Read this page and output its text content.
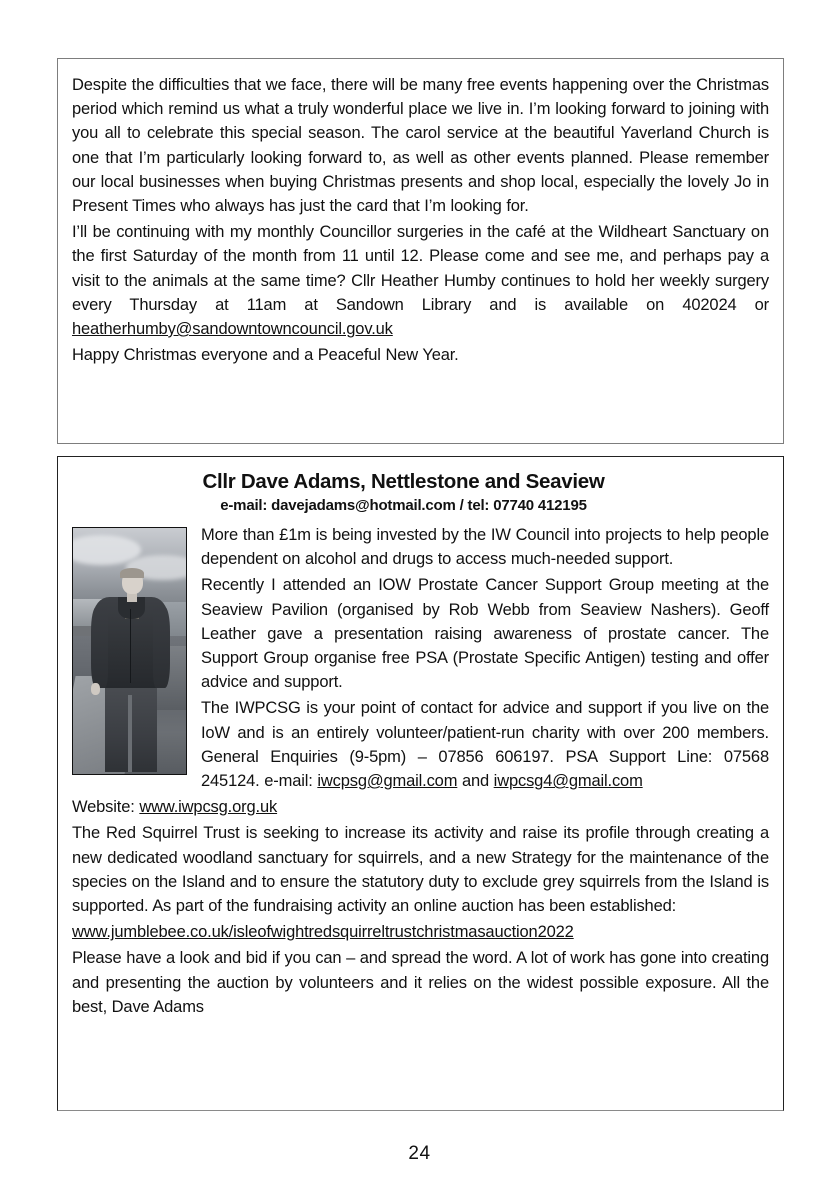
Despite the difficulties that we face, there will be many free events happening over the Christmas period which remind us what a truly wonderful place we live in. I’m looking forward to joining with you all to celebrate this special season. The carol service at the beautiful Yaverland Church is one that I’m particularly looking forward to, as well as other events planned. Please remember our local businesses when buying Christmas presents and shop local, especially the lovely Jo in Present Times who always has just the card that I’m looking for.

I’ll be continuing with my monthly Councillor surgeries in the café at the Wildheart Sanctuary on the first Saturday of the month from 11 until 12. Please come and see me, and perhaps pay a visit to the animals at the same time? Cllr Heather Humby continues to hold her weekly surgery every Thursday at 11am at Sandown Library and is available on 402024 or heatherhumby@sandowntowncouncil.gov.uk

Happy Christmas everyone and a Peaceful New Year.

Cllr Dave Adams, Nettlestone and Seaview
e-mail: davejadams@hotmail.com / tel: 07740 412195

More than £1m is being invested by the IW Council into projects to help people dependent on alcohol and drugs to access much-needed support.

Recently I attended an IOW Prostate Cancer Support Group meeting at the Seaview Pavilion (organised by Rob Webb from Seaview Nashers). Geoff Leather gave a presentation raising awareness of prostate cancer. The Support Group organise free PSA (Prostate Specific Antigen) testing and offer advice and support.

The IWPCSG is your point of contact for advice and support if you live on the IoW and is an entirely volunteer/patient-run charity with over 200 members. General Enquiries (9-5pm) – 07856 606197. PSA Support Line: 07568 245124. e-mail: iwcpsg@gmail.com and iwpcsg4@gmail.com

Website: www.iwpcsg.org.uk

The Red Squirrel Trust is seeking to increase its activity and raise its profile through creating a new dedicated woodland sanctuary for squirrels, and a new Strategy for the maintenance of the species on the Island and to ensure the statutory duty to exclude grey squirrels from the Island is supported. As part of the fundraising activity an online auction has been established:

www.jumblebee.co.uk/isleofwightredsquirreltrustchristmasauction2022

Please have a look and bid if you can – and spread the word. A lot of work has gone into creating and presenting the auction by volunteers and it relies on the widest possible exposure. All the best, Dave Adams

24
